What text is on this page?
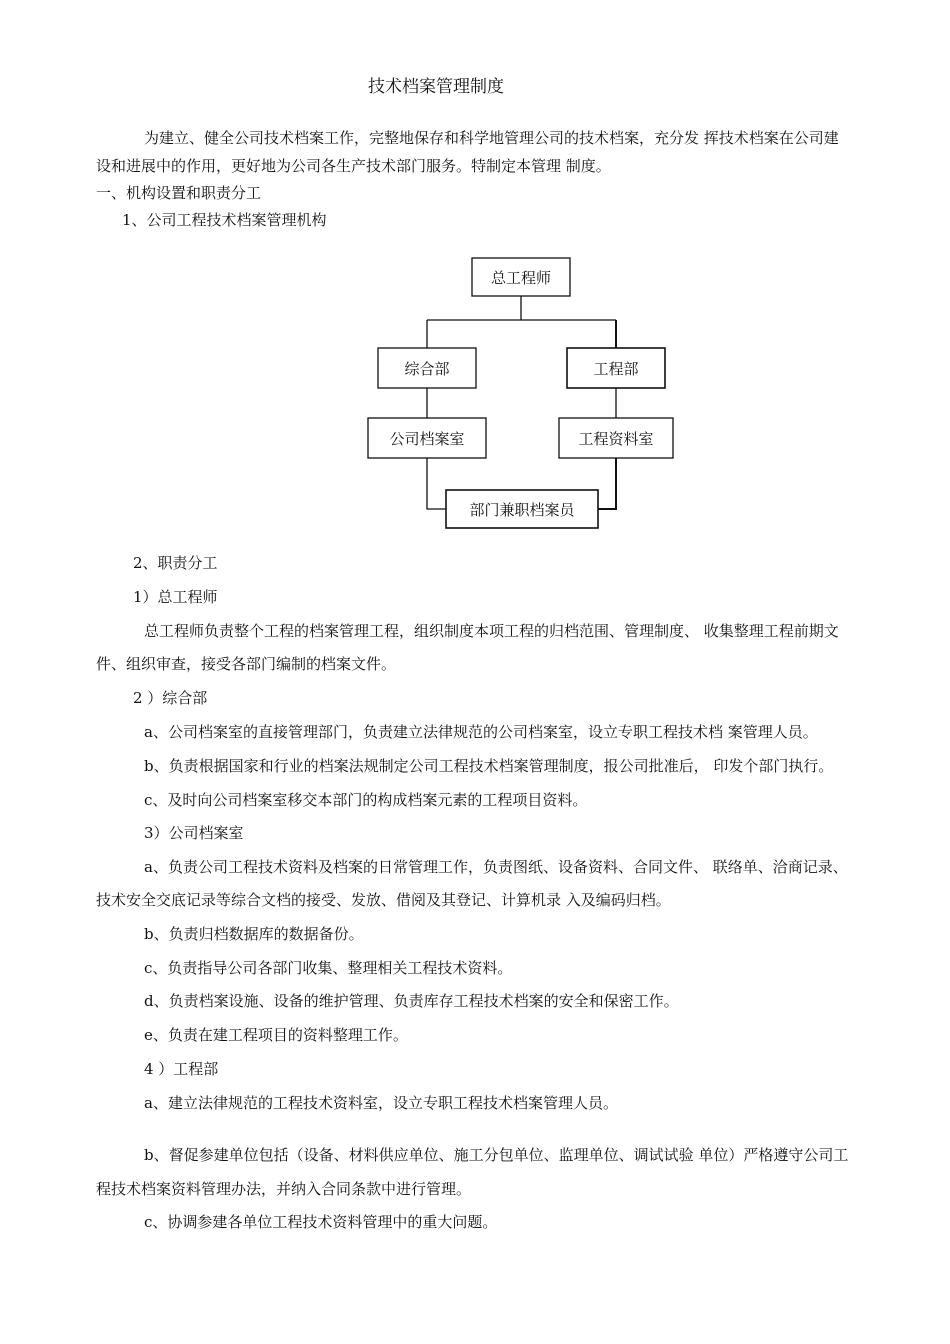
技术档案管理制度
为建立、健全公司技术档案工作，完整地保存和科学地管理公司的技术档案，充分发 挥技术档案在公司建
设和进展中的作用，更好地为公司各生产技术部门服务。特制定本管理 制度。
一、机构设置和职责分工
1、公司工程技术档案管理机构
总工程师
综合部	工程部
公司档案室	工程资料室
部门兼职档案员
2、职责分工
1）总工程师
总工程师负责整个工程的档案管理工程，组织制度本项工程的归档范围、管理制度、 收集整理工程前期文
件、组织审查，接受各部门编制的档案文件。
2 ）综合部
a、公司档案室的直接管理部门，负责建立法律规范的公司档案室，设立专职工程技术档 案管理人员。
b、负责根据国家和行业的档案法规制定公司工程技术档案管理制度，报公司批准后， 印发个部门执行。
c、及时向公司档案室移交本部门的构成档案元素的工程项目资料。
3）公司档案室
a、负责公司工程技术资料及档案的日常管理工作，负责图纸、设备资料、合同文件、 联络单、洽商记录、
技术安全交底记录等综合文档的接受、发放、借阅及其登记、计算机录 入及编码归档。
b、负责归档数据库的数据备份。
c、负责指导公司各部门收集、整理相关工程技术资料。
d、负责档案设施、设备的维护管理、负责库存工程技术档案的安全和保密工作。
e、负责在建工程项目的资料整理工作。
4 ）工程部
a、建立法律规范的工程技术资料室，设立专职工程技术档案管理人员。
b、督促参建单位包括（设备、材料供应单位、施工分包单位、监理单位、调试试验 单位）严格遵守公司工
程技术档案资料管理办法，并纳入合同条款中进行管理。
c、协调参建各单位工程技术资料管理中的重大问题。
